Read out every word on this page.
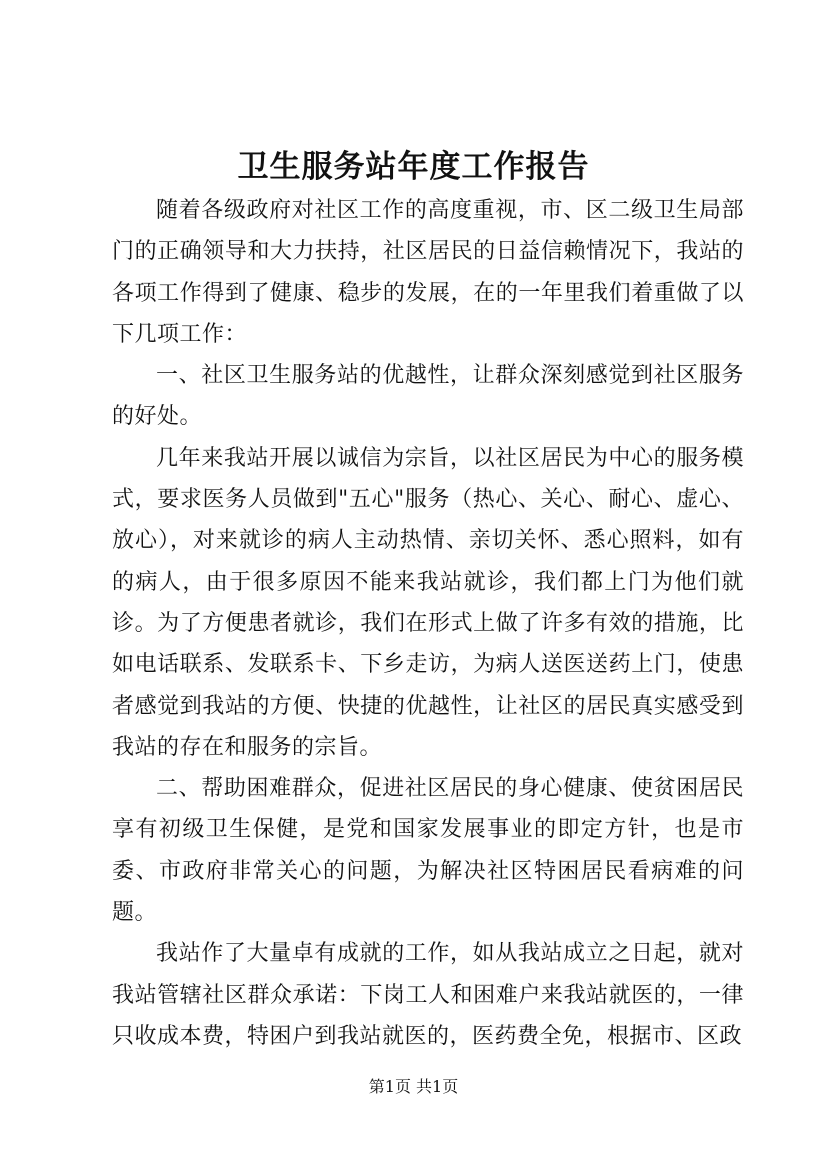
卫生服务站年度工作报告

随着各级政府对社区工作的高度重视，市、区二级卫生局部门的正确领导和大力扶持，社区居民的日益信赖情况下，我站的各项工作得到了健康、稳步的发展，在的一年里我们着重做了以下几项工作：

一、社区卫生服务站的优越性，让群众深刻感觉到社区服务的好处。

几年来我站开展以诚信为宗旨，以社区居民为中心的服务模式，要求医务人员做到"五心"服务（热心、关心、耐心、虚心、放心），对来就诊的病人主动热情、亲切关怀、悉心照料，如有的病人，由于很多原因不能来我站就诊，我们都上门为他们就诊。为了方便患者就诊，我们在形式上做了许多有效的措施，比如电话联系、发联系卡、下乡走访，为病人送医送药上门，使患者感觉到我站的方便、快捷的优越性，让社区的居民真实感受到我站的存在和服务的宗旨。

二、帮助困难群众，促进社区居民的身心健康、使贫困居民享有初级卫生保健，是党和国家发展事业的即定方针，也是市委、市政府非常关心的问题，为解决社区特困居民看病难的问题。

我站作了大量卓有成就的工作，如从我站成立之日起，就对我站管辖社区群众承诺：下岗工人和困难户来我站就医的，一律只收成本费，特困户到我站就医的，医药费全免，根据市、区政

第1页 共1页
